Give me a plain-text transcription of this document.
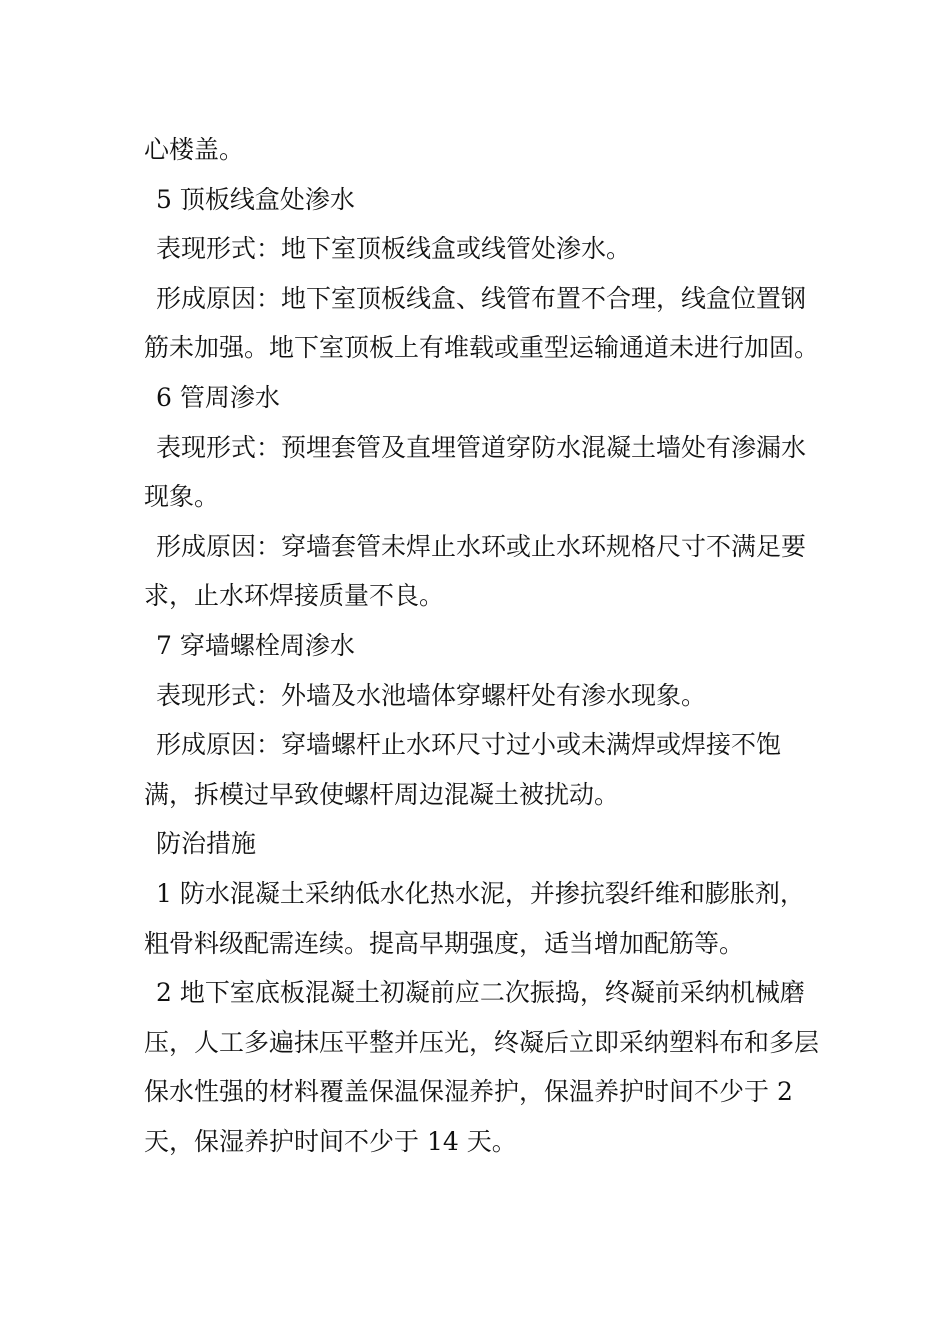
心楼盖。

5 顶板线盒处渗水

表现形式：地下室顶板线盒或线管处渗水。

形成原因：地下室顶板线盒、线管布置不合理，线盒位置钢筋未加强。地下室顶板上有堆载或重型运输通道未进行加固。

6 管周渗水

表现形式：预埋套管及直埋管道穿防水混凝土墙处有渗漏水现象。

形成原因：穿墙套管未焊止水环或止水环规格尺寸不满足要求，止水环焊接质量不良。

7 穿墙螺栓周渗水

表现形式：外墙及水池墙体穿螺杆处有渗水现象。

形成原因：穿墙螺杆止水环尺寸过小或未满焊或焊接不饱满，拆模过早致使螺杆周边混凝土被扰动。

防治措施

1 防水混凝土采纳低水化热水泥，并掺抗裂纤维和膨胀剂，粗骨料级配需连续。提高早期强度，适当增加配筋等。

2 地下室底板混凝土初凝前应二次振捣，终凝前采纳机械磨压，人工多遍抹压平整并压光，终凝后立即采纳塑料布和多层保水性强的材料覆盖保温保湿养护，保温养护时间不少于 2 天，保湿养护时间不少于 14 天。
